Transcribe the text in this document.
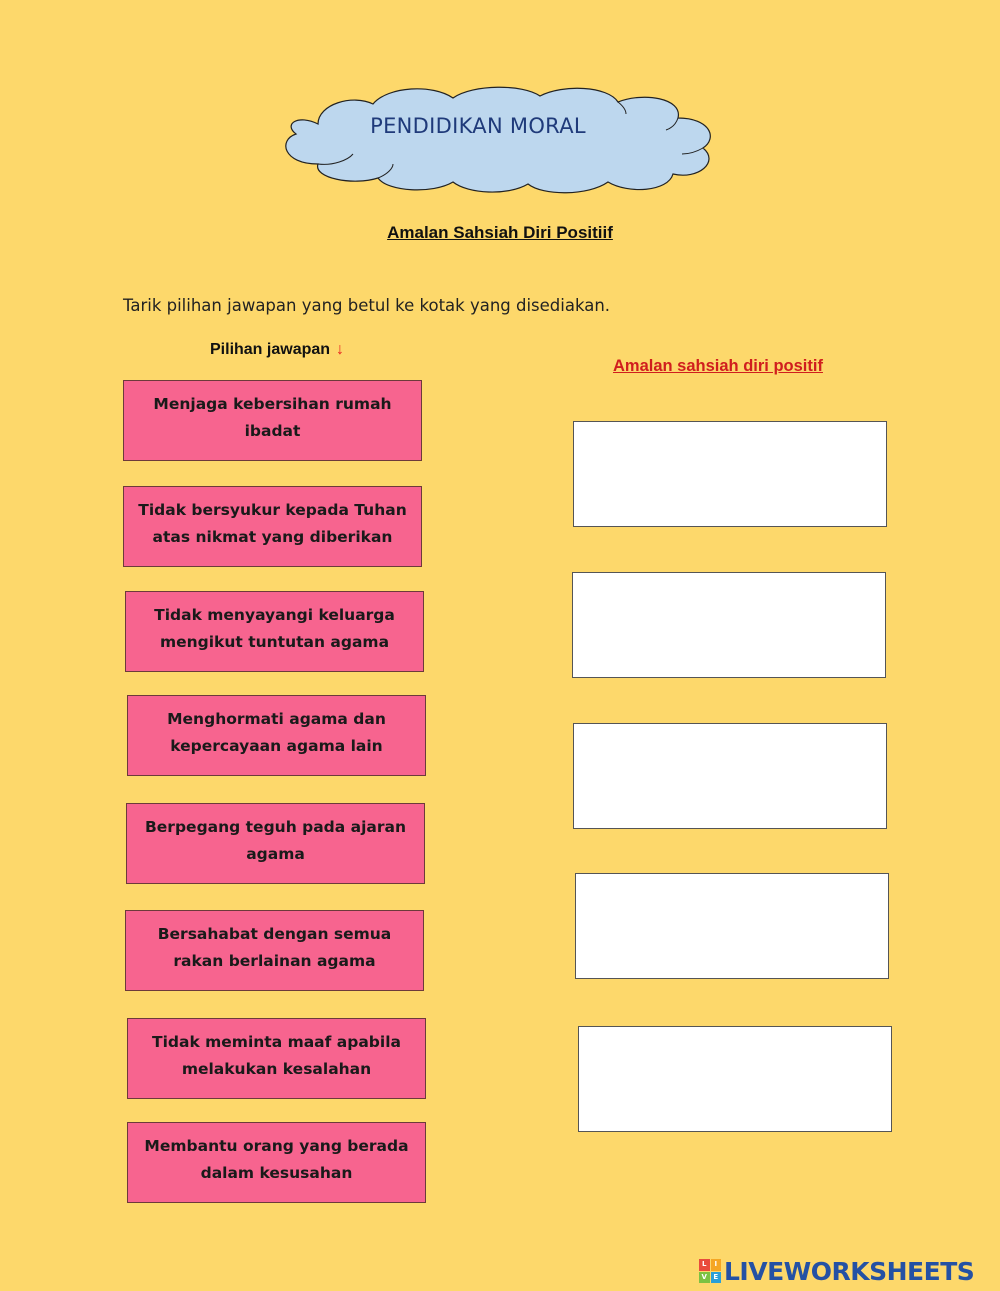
PENDIDIKAN MORAL
Amalan Sahsiah Diri Positiif
Tarik pilihan jawapan yang betul ke kotak yang disediakan.
Pilihan jawapan ↓
Amalan sahsiah diri positif
Menjaga kebersihan rumah ibadat
Tidak bersyukur kepada Tuhan atas nikmat yang diberikan
Tidak menyayangi keluarga mengikut tuntutan agama
Menghormati agama dan kepercayaan agama lain
Berpegang teguh pada ajaran agama
Bersahabat dengan semua rakan berlainan agama
Tidak meminta maaf apabila melakukan kesalahan
Membantu orang yang berada dalam kesusahan
L	I
V E LIVEWORKSHEETS
